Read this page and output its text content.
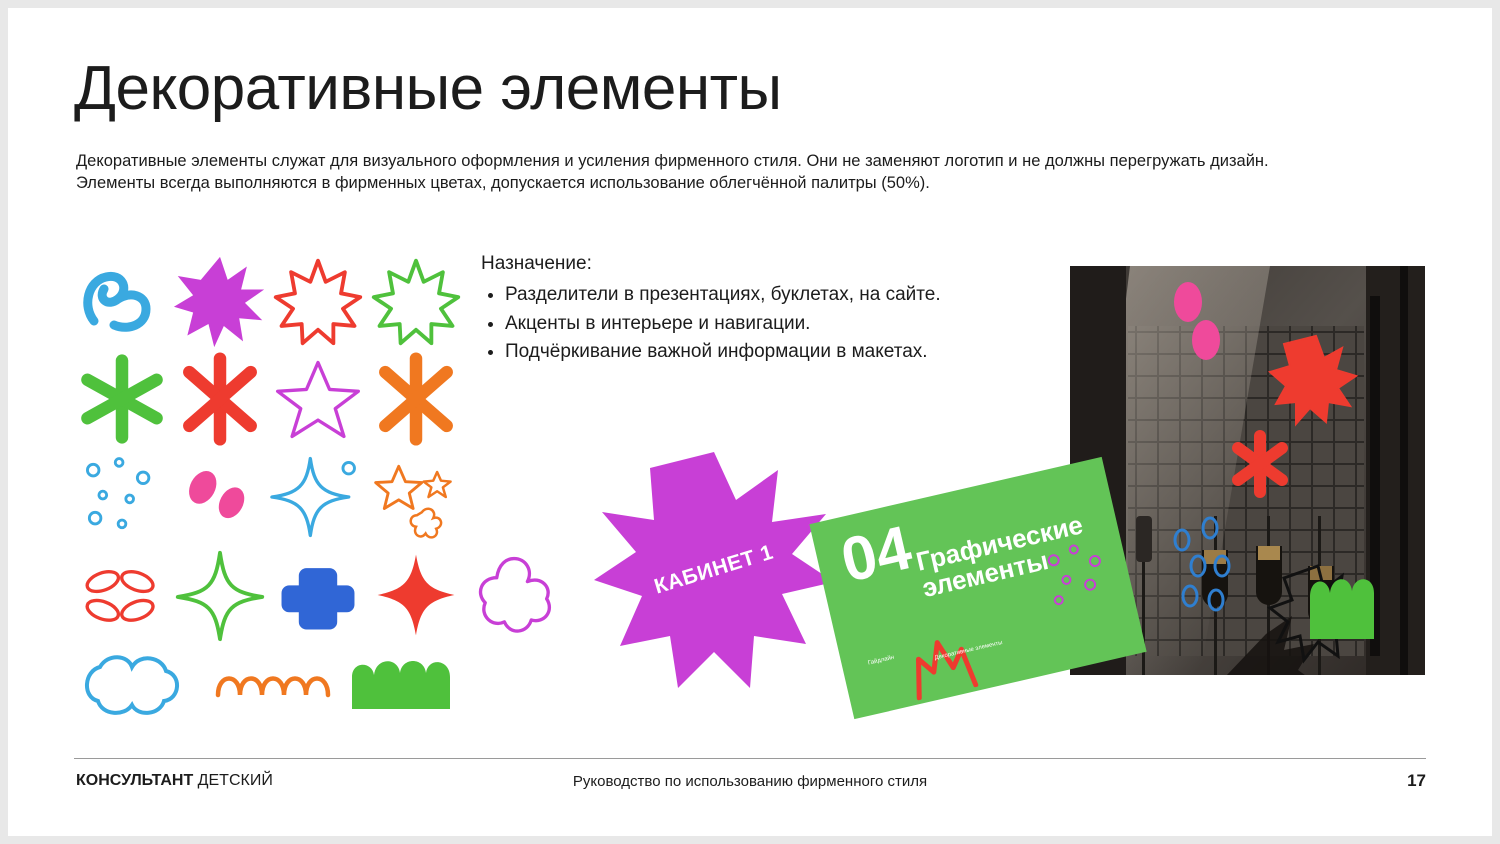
Декоративные элементы
Декоративные элементы служат для визуального оформления и усиления фирменного стиля. Они не заменяют логотип и не должны перегружать дизайн. Элементы всегда выполняются в фирменных цветах, допускается использование облегчённой палитры (50%).

Назначение:

• Разделители в презентациях, буклетах, на сайте.
• Акценты в интерьере и навигации.
• Подчёркивание важной информации в макетах.
КАБИНЕТ 1 04
Графические элементы
Гайдлайн	Декоративные элементы
КОНСУЛЬТАНТ ДЕТСКИЙ	Руководство по использованию фирменного стиля	17
